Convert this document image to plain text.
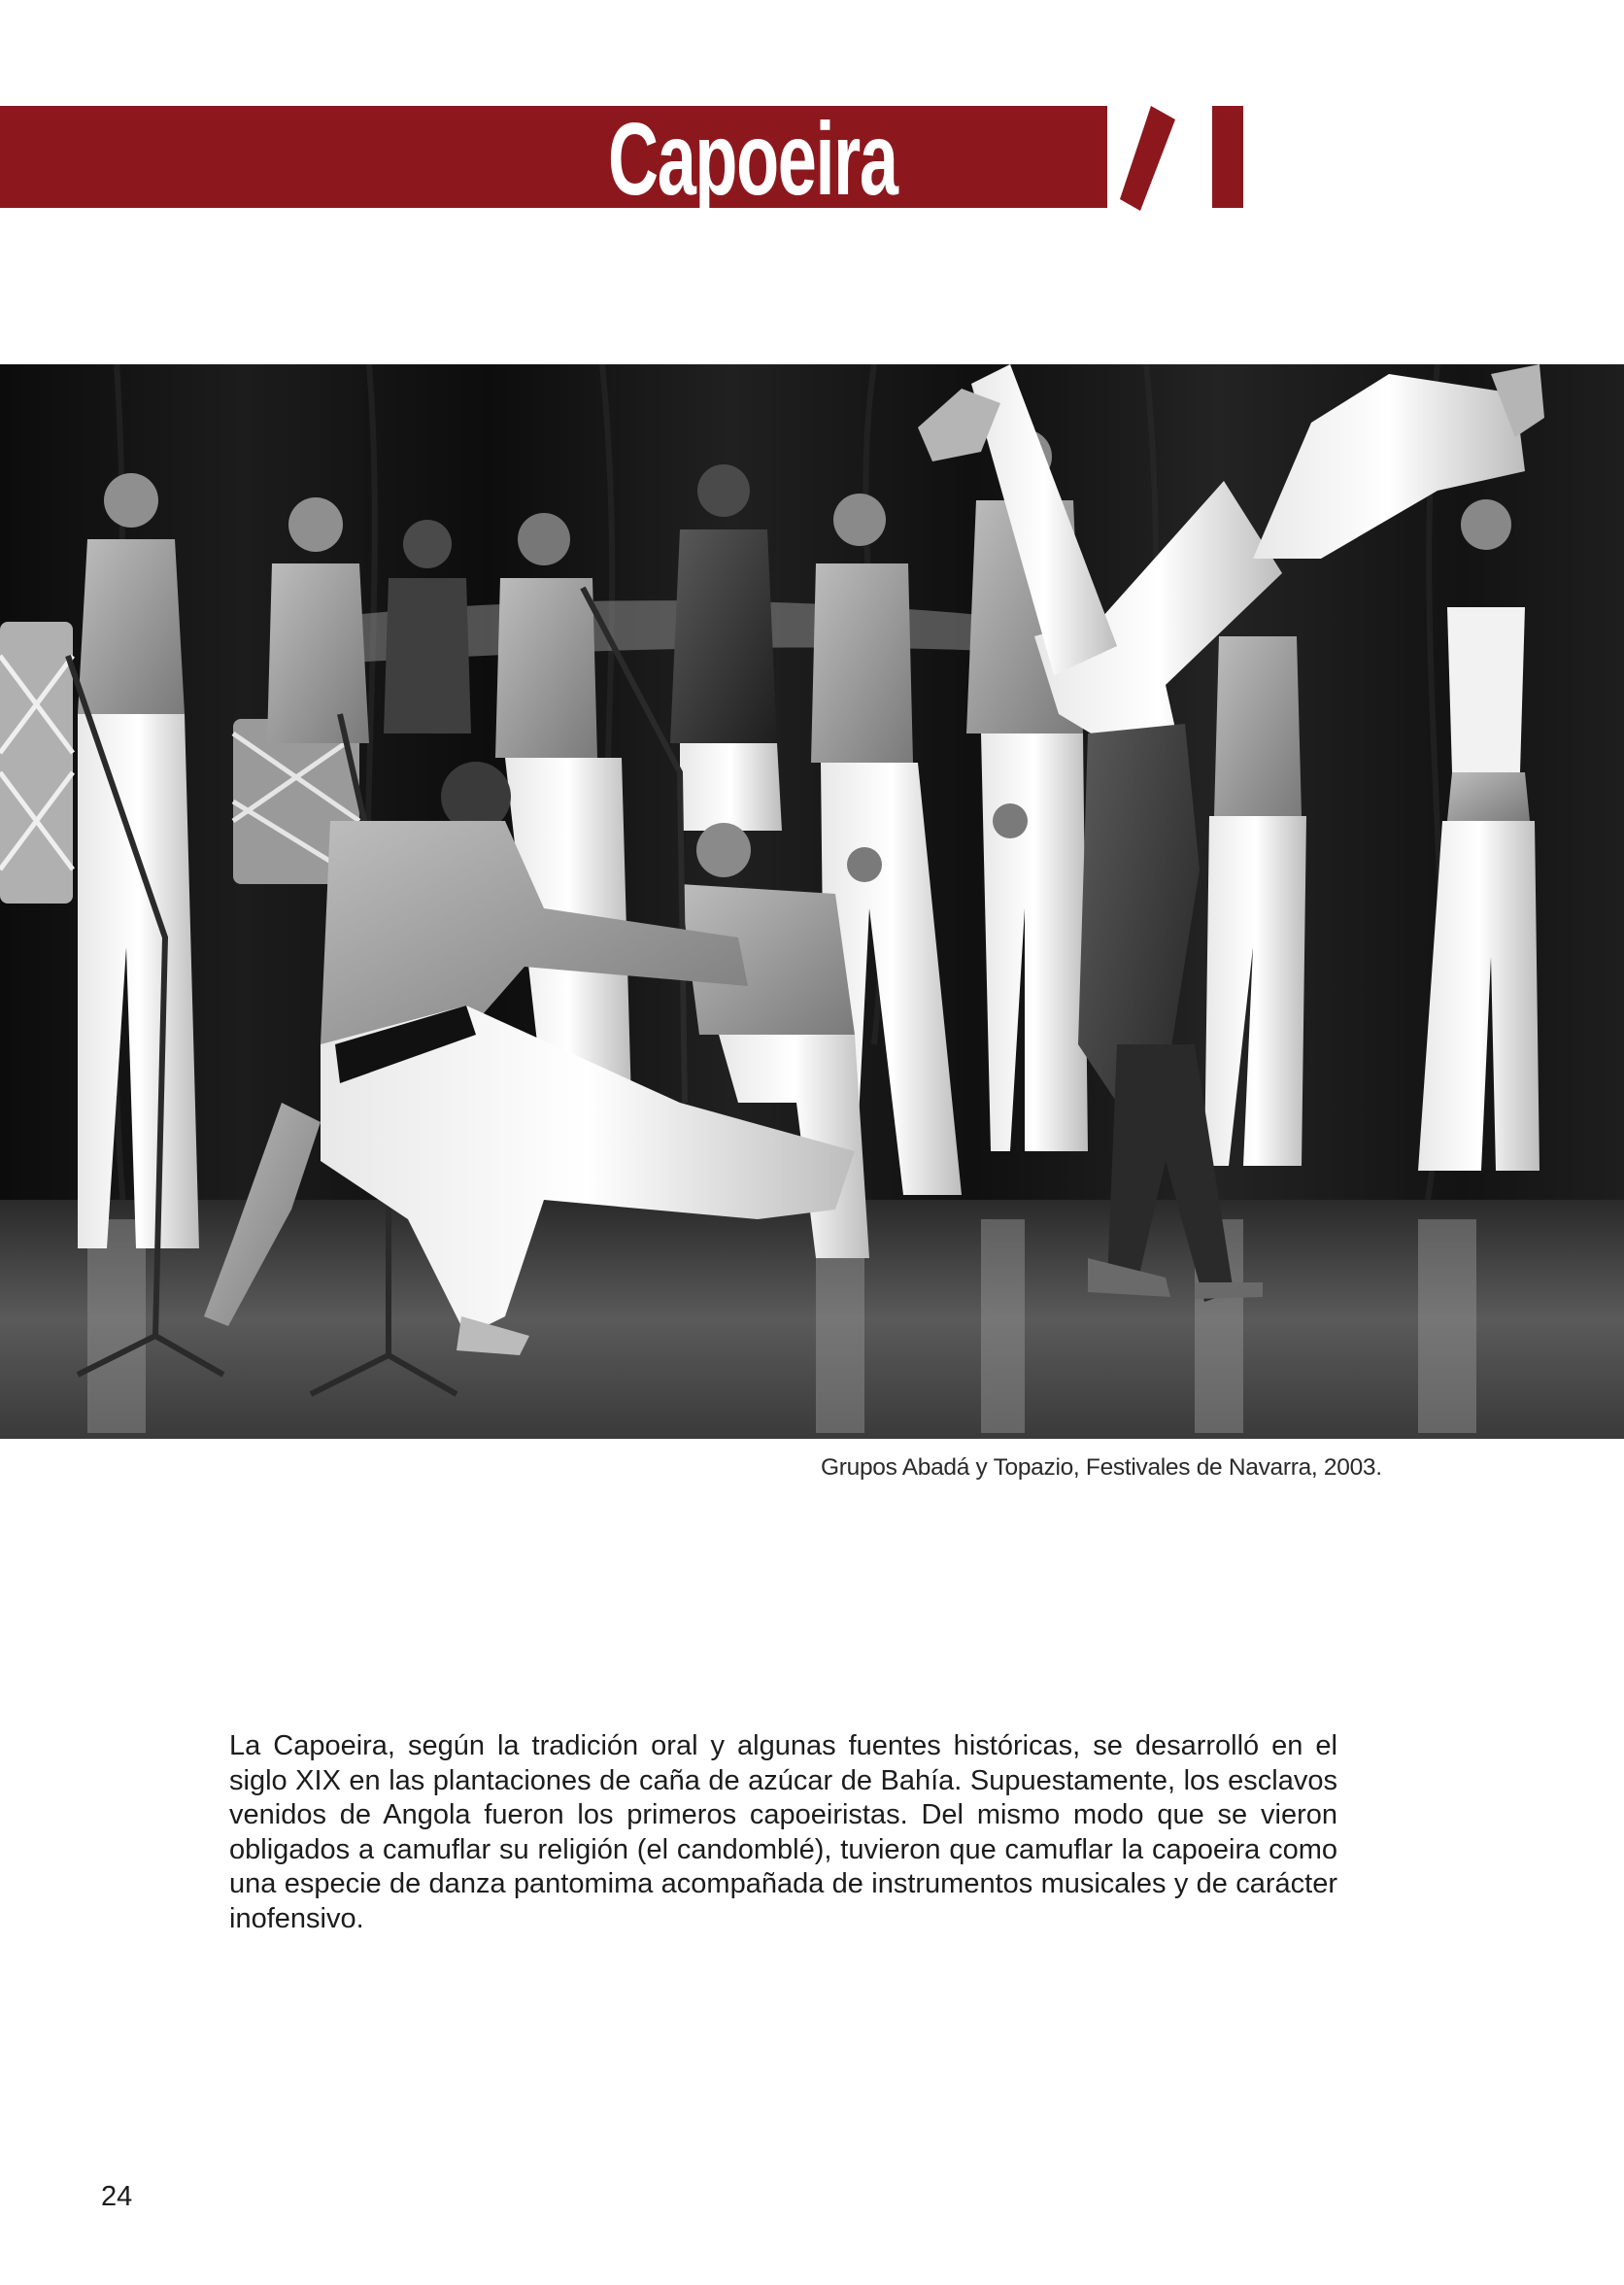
Capoeira
Grupos Abadá y Topazio, Festivales de Navarra, 2003.

La Capoeira, según la tradición oral y algunas fuentes históricas, se desarrolló en el siglo XIX en las plantaciones de caña de azúcar de Bahía. Supuestamente, los esclavos venidos de Angola fueron los primeros capoeiristas. Del mismo modo que se vieron obligados a camuflar su religión (el candomblé), tuvieron que camuflar la capoeira como una especie de danza pantomima acompañada de instrumentos musicales y de carácter inofensivo.

24
